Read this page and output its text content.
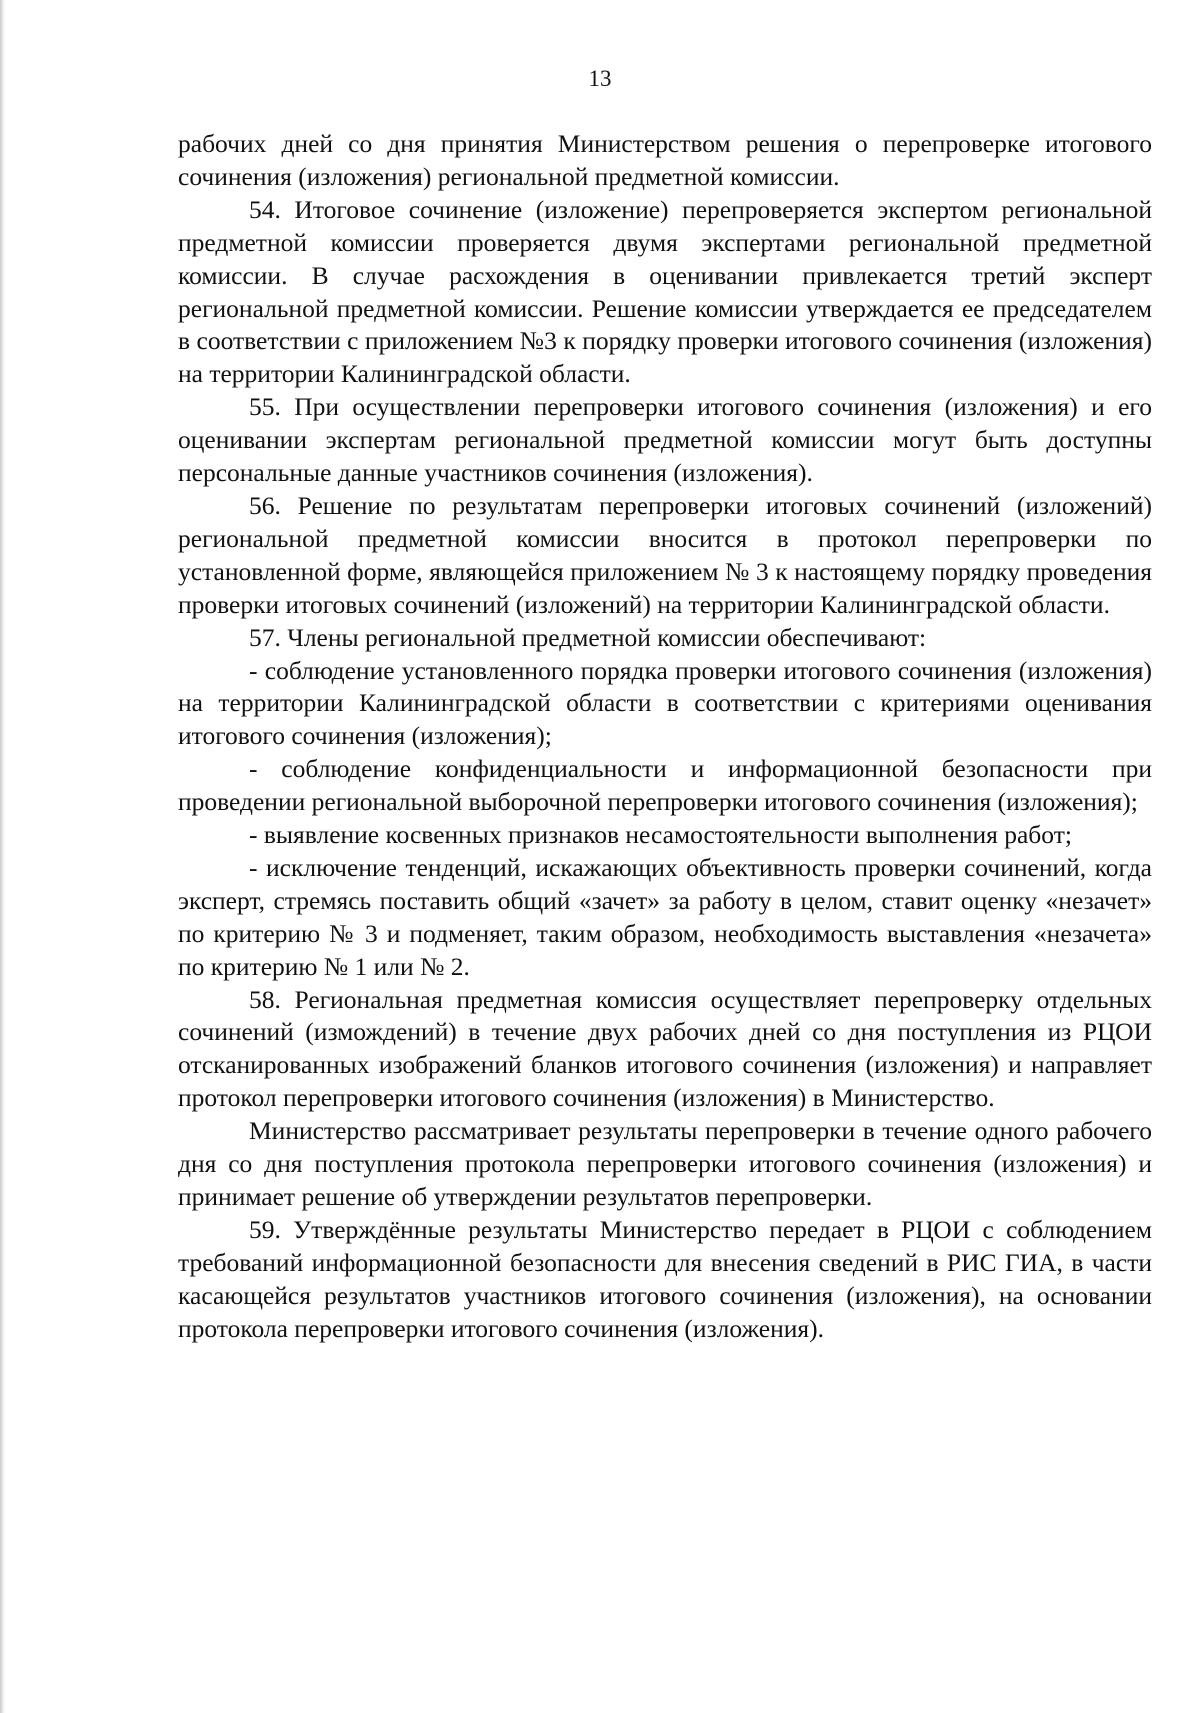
13

рабочих дней со дня принятия Министерством решения о перепроверке итогового сочинения (изложения) региональной предметной комиссии.

54. Итоговое сочинение (изложение) перепроверяется экспертом региональной предметной комиссии проверяется двумя экспертами региональной предметной комиссии. В случае расхождения в оценивании привлекается третий эксперт региональной предметной комиссии. Решение комиссии утверждается ее председателем в соответствии с приложением №3 к порядку проверки итогового сочинения (изложения) на территории Калининградской области.

55. При осуществлении перепроверки итогового сочинения (изложения) и его оценивании экспертам региональной предметной комиссии могут быть доступны персональные данные участников сочинения (изложения).

56. Решение по результатам перепроверки итоговых сочинений (изложений) региональной предметной комиссии вносится в протокол перепроверки по установленной форме, являющейся приложением № 3 к настоящему порядку проведения проверки итоговых сочинений (изложений) на территории Калининградской области.

57. Члены региональной предметной комиссии обеспечивают:

- соблюдение установленного порядка проверки итогового сочинения (изложения) на территории Калининградской области в соответствии с критериями оценивания итогового сочинения (изложения);

- соблюдение конфиденциальности и информационной безопасности при проведении региональной выборочной перепроверки итогового сочинения (изложения);

- выявление косвенных признаков несамостоятельности выполнения работ;

- исключение тенденций, искажающих объективность проверки сочинений, когда эксперт, стремясь поставить общий «зачет» за работу в целом, ставит оценку «незачет» по критерию № 3 и подменяет, таким образом, необходимость выставления «незачета» по критерию № 1 или № 2.

58. Региональная предметная комиссия осуществляет перепроверку отдельных сочинений (измождений) в течение двух рабочих дней со дня поступления из РЦОИ отсканированных изображений бланков итогового сочинения (изложения) и направляет протокол перепроверки итогового сочинения (изложения) в Министерство.

Министерство рассматривает результаты перепроверки в течение одного рабочего дня со дня поступления протокола перепроверки итогового сочинения (изложения) и принимает решение об утверждении результатов перепроверки.

59. Утверждённые результаты Министерство передает в РЦОИ с соблюдением требований информационной безопасности для внесения сведений в РИС ГИА, в части касающейся результатов участников итогового сочинения (изложения), на основании протокола перепроверки итогового сочинения (изложения).
